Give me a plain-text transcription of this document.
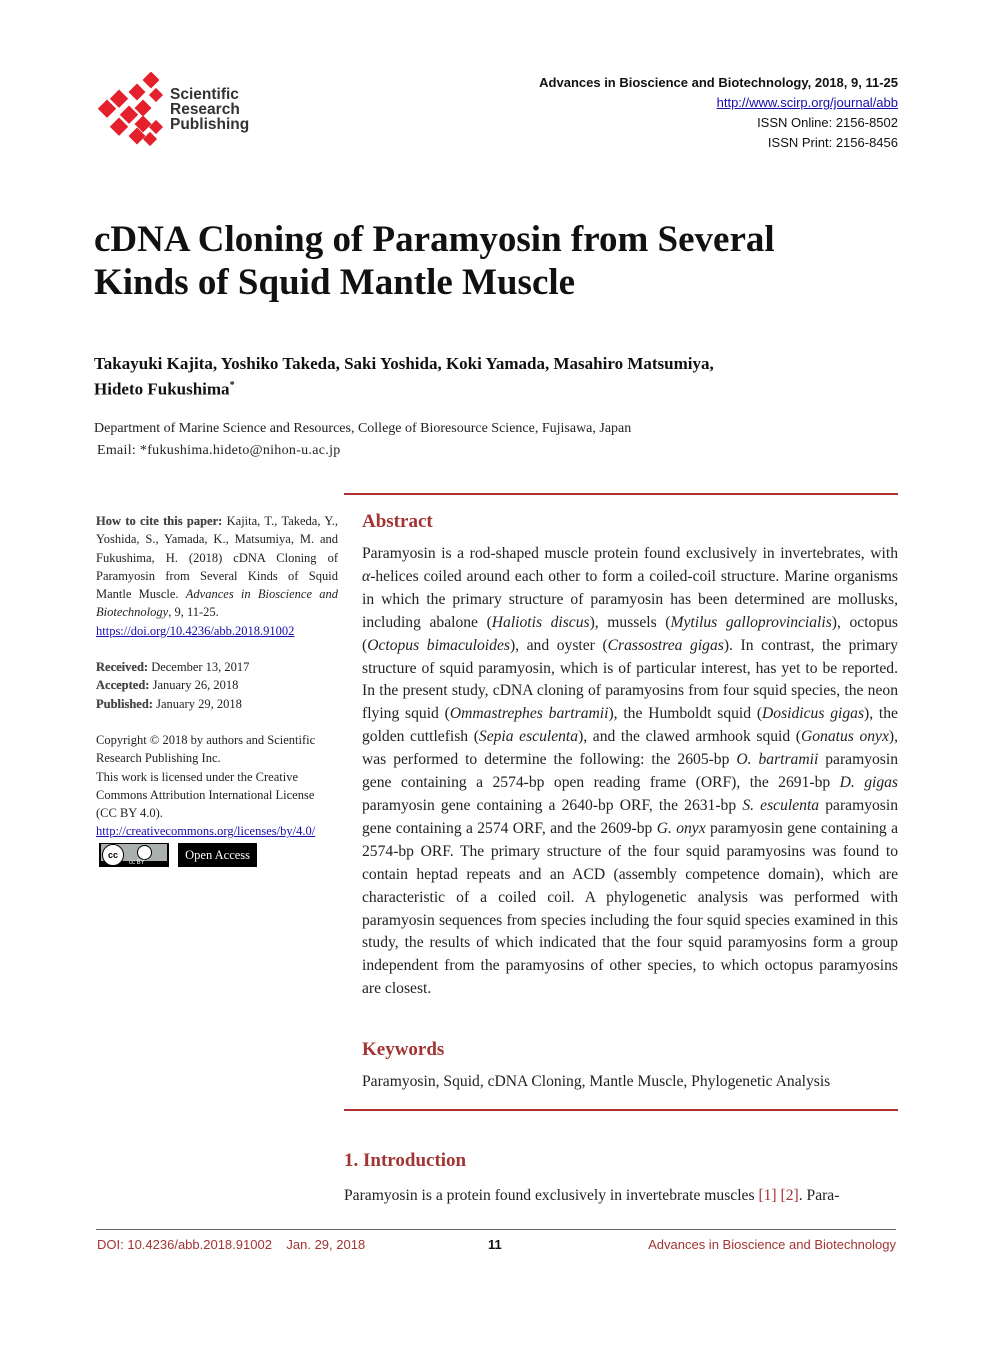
Scientific
Research
Publishing
Advances in Bioscience and Biotechnology, 2018, 9, 11-25
http://www.scirp.org/journal/abb
ISSN Online: 2156-8502
ISSN Print: 2156-8456
cDNA Cloning of Paramyosin from Several
Kinds of Squid Mantle Muscle
Takayuki Kajita, Yoshiko Takeda, Saki Yoshida, Koki Yamada, Masahiro Matsumiya,
Hideto Fukushima*
Department of Marine Science and Resources, College of Bioresource Science, Fujisawa, Japan
Email: *fukushima.hideto@nihon-u.ac.jp

How to cite this paper: Kajita, T., Takeda, Y., Yoshida, S., Yamada, K., Matsumiya, M. and Fukushima, H. (2018) cDNA Cloning of Paramyosin from Several Kinds of Squid Mantle Muscle. Advances in Bioscience and Biotechnology, 9, 11-25.
https://doi.org/10.4236/abb.2018.91002

Received: December 13, 2017
Accepted: January 26, 2018
Published: January 29, 2018

Copyright © 2018 by authors and Scientific Research Publishing Inc.
This work is licensed under the Creative Commons Attribution International License (CC BY 4.0).
http://creativecommons.org/licenses/by/4.0/

cc
cc BY
Open Access
Abstract
Paramyosin is a rod-shaped muscle protein found exclusively in invertebrates, with α-helices coiled around each other to form a coiled-coil structure. Marine organisms in which the primary structure of paramyosin has been determined are mollusks, including abalone (Haliotis discus), mussels (Mytilus galloprovincialis), octopus (Octopus bimaculoides), and oyster (Crassostrea gigas). In contrast, the primary structure of squid paramyosin, which is of particular interest, has yet to be reported. In the present study, cDNA cloning of paramyosins from four squid species, the neon flying squid (Ommastrephes bartramii), the Humboldt squid (Dosidicus gigas), the golden cuttlefish (Sepia esculenta), and the clawed armhook squid (Gonatus onyx), was performed to determine the following: the 2605-bp O. bartramii paramyosin gene containing a 2574-bp open reading frame (ORF), the 2691-bp D. gigas paramyosin gene containing a 2640-bp ORF, the 2631-bp S. esculenta paramyosin gene containing a 2574 ORF, and the 2609-bp G. onyx paramyosin gene containing a 2574-bp ORF. The primary structure of the four squid paramyosins was found to contain heptad repeats and an ACD (assembly competence domain), which are characteristic of a coiled coil. A phylogenetic analysis was performed with paramyosin sequences from species including the four squid species examined in this study, the results of which indicated that the four squid paramyosins form a group independent from the paramyosins of other species, to which octopus paramyosins are closest.
Keywords
Paramyosin, Squid, cDNA Cloning, Mantle Muscle, Phylogenetic Analysis
1. Introduction
Paramyosin is a protein found exclusively in invertebrate muscles [1] [2]. Para-
DOI: 10.4236/abb.2018.91002 Jan. 29, 2018	11	Advances in Bioscience and Biotechnology
